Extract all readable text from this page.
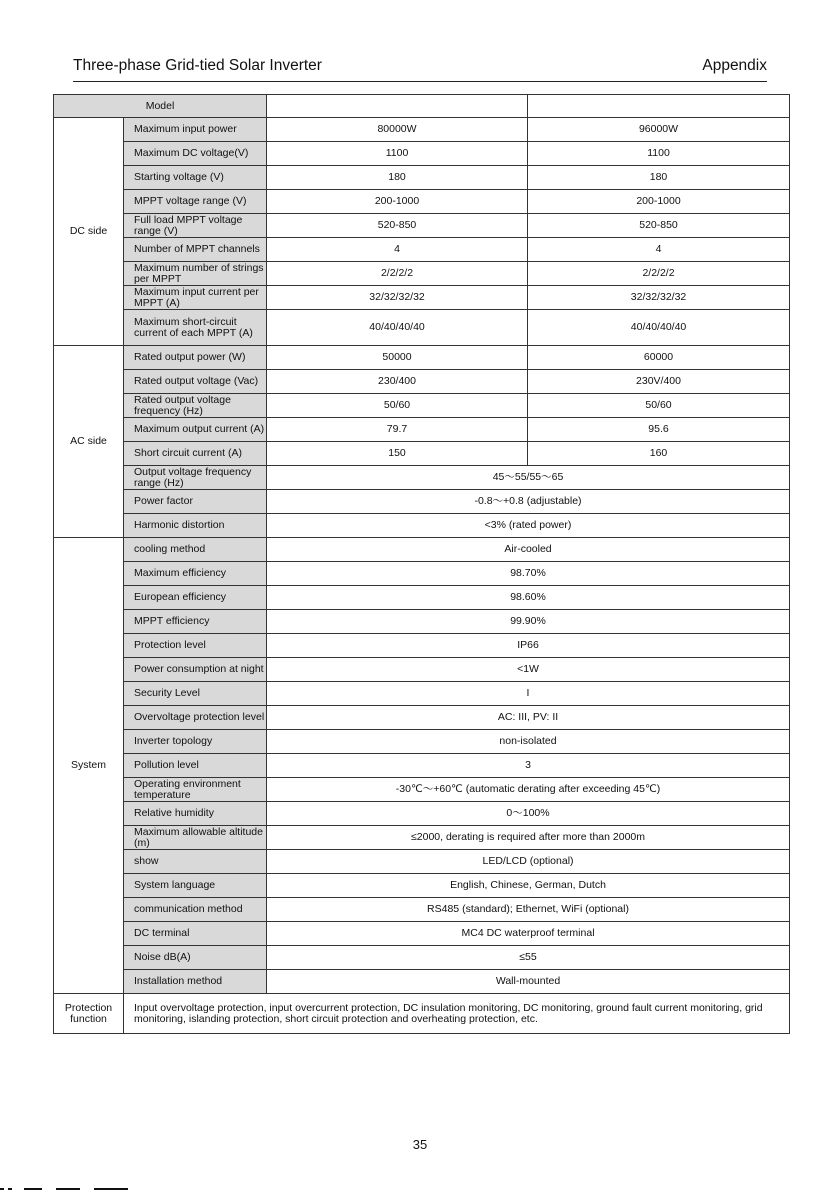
Three-phase Grid-tied Solar Inverter	Appendix
Model			
DC side	Maximum input power	80000W	96000W
	Maximum DC voltage(V)	1100	1100
	Starting voltage (V)	180	180
	MPPT voltage range (V)	200-1000	200-1000
	Full load MPPT voltage range (V)	520-850	520-850
	Number of MPPT channels	4	4
	Maximum number of strings per MPPT	2/2/2/2	2/2/2/2
	Maximum input current per MPPT (A)	32/32/32/32	32/32/32/32
	Maximum short-circuit current of each MPPT (A)	40/40/40/40	40/40/40/40
AC side	Rated output power (W)	50000	60000
	Rated output voltage (Vac)	230/400	230V/400
	Rated output voltage frequency (Hz)	50/60	50/60
	Maximum output current (A)	79.7	95.6
	Short circuit current (A)	150	160
	Output voltage frequency range (Hz)	45～55/55～65	
	Power factor	-0.8～+0.8 (adjustable)	
	Harmonic distortion	<3% (rated power)	
System	cooling method	Air-cooled	
	Maximum efficiency	98.70%	
	European efficiency	98.60%	
	MPPT efficiency	99.90%	
	Protection level	IP66	
	Power consumption at night	<1W	
	Security Level	I	
	Overvoltage protection level	AC: III, PV: II	
	Inverter topology	non-isolated	
	Pollution level	3	
	Operating environment temperature	-30℃～+60℃ (automatic derating after exceeding 45℃)	
	Relative humidity	0～100%	
	Maximum allowable altitude (m)	≤2000, derating is required after more than 2000m	
	show	LED/LCD (optional)	
	System language	English, Chinese, German, Dutch	
	communication method	RS485 (standard); Ethernet, WiFi (optional)	
	DC terminal	MC4 DC waterproof terminal	
	Noise dB(A)	≤55	
	Installation method	Wall-mounted	
Protection function	Input overvoltage protection, input overcurrent protection, DC insulation monitoring, DC monitoring, ground fault current monitoring, grid monitoring, islanding protection, short circuit protection and overheating protection, etc.		
35
